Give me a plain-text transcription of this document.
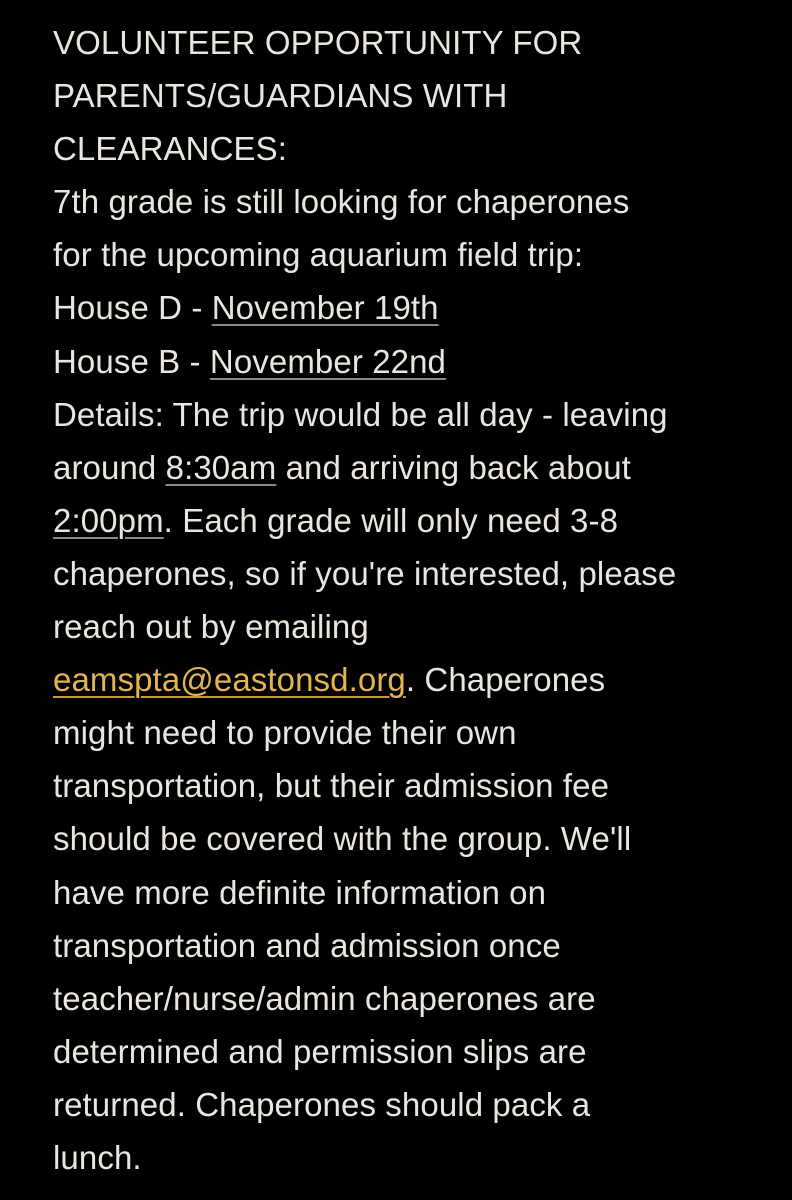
VOLUNTEER OPPORTUNITY FOR
PARENTS/GUARDIANS WITH
CLEARANCES:
7th grade is still looking for chaperones
for the upcoming aquarium field trip:
House D - November 19th
House B - November 22nd
Details: The trip would be all day - leaving
around 8:30am and arriving back about
2:00pm. Each grade will only need 3-8
chaperones, so if you're interested, please
reach out by emailing
eamspta@eastonsd.org. Chaperones
might need to provide their own
transportation, but their admission fee
should be covered with the group. We'll
have more definite information on
transportation and admission once
teacher/nurse/admin chaperones are
determined and permission slips are
returned. Chaperones should pack a
lunch.
